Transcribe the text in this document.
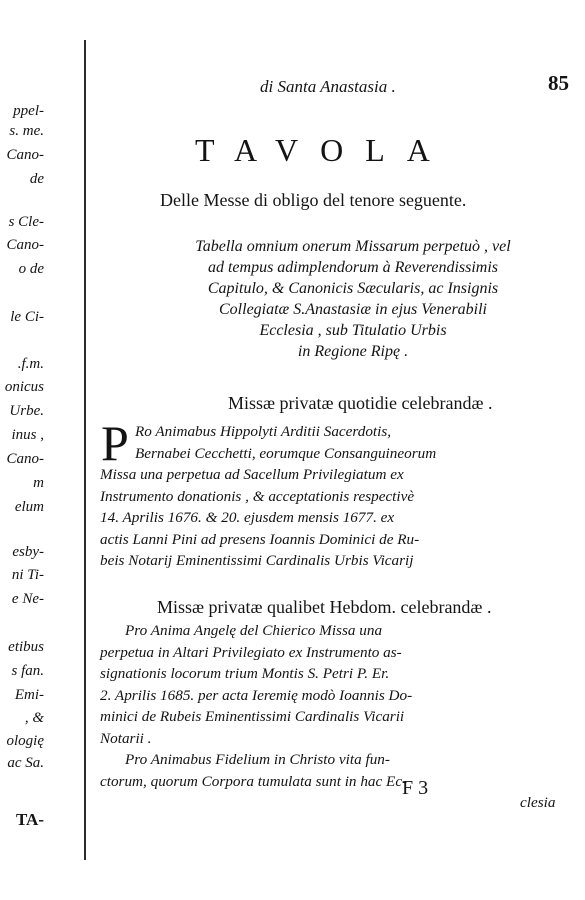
ppel-
s. me.
Cano-
de
s Cle-
Cano-
o de
le Ci-
.f.m.
onicus
Urbe.
inus ,
Cano-
m
elum
esby-
ni Ti-
e Ne-
etibus
s fan.
Emi-
, &
ologię
ac Sa.
TA-
di Santa Anastasia .	85
TAVOLA
Delle Messe di obligo del tenore seguente.
Tabella omnium onerum Missarum perpetuò , vel
ad tempus adimplendorum à Reverendissimis
Capitulo, & Canonicis Sæcularis, ac Insignis
Collegiatæ S.Anastasiæ in ejus Venerabili
Ecclesia , sub Titulatio Urbis
in Regione Ripę .
Missæ privatæ quotidie celebrandæ .
P Ro Animabus Hippolyti Arditii Sacerdotis,
Bernabei Cecchetti, eorumque Consanguineorum
Missa una perpetua ad Sacellum Privilegiatum ex
Instrumento donationis , & acceptationis respectivè
14. Aprilis 1676. & 20. ejusdem mensis 1677. ex
actis Lanni Pini ad presens Ioannis Dominici de Ru-
beis Notarij Eminentissimi Cardinalis Urbis Vicarij
Missæ privatæ qualibet Hebdom. celebrandæ .
Pro Anima Angelę del Chierico Missa una
perpetua in Altari Privilegiato ex Instrumento as-
signationis locorum trium Montis S. Petri P. Er.
2. Aprilis 1685. per acta Ieremię modò Ioannis Do-
minici de Rubeis Eminentissimi Cardinalis Vicarii
Notarii .
Pro Animabus Fidelium in Christo vita fun-
ctorum, quorum Corpora tumulata sunt in hac Ec-
clesia
F 3
